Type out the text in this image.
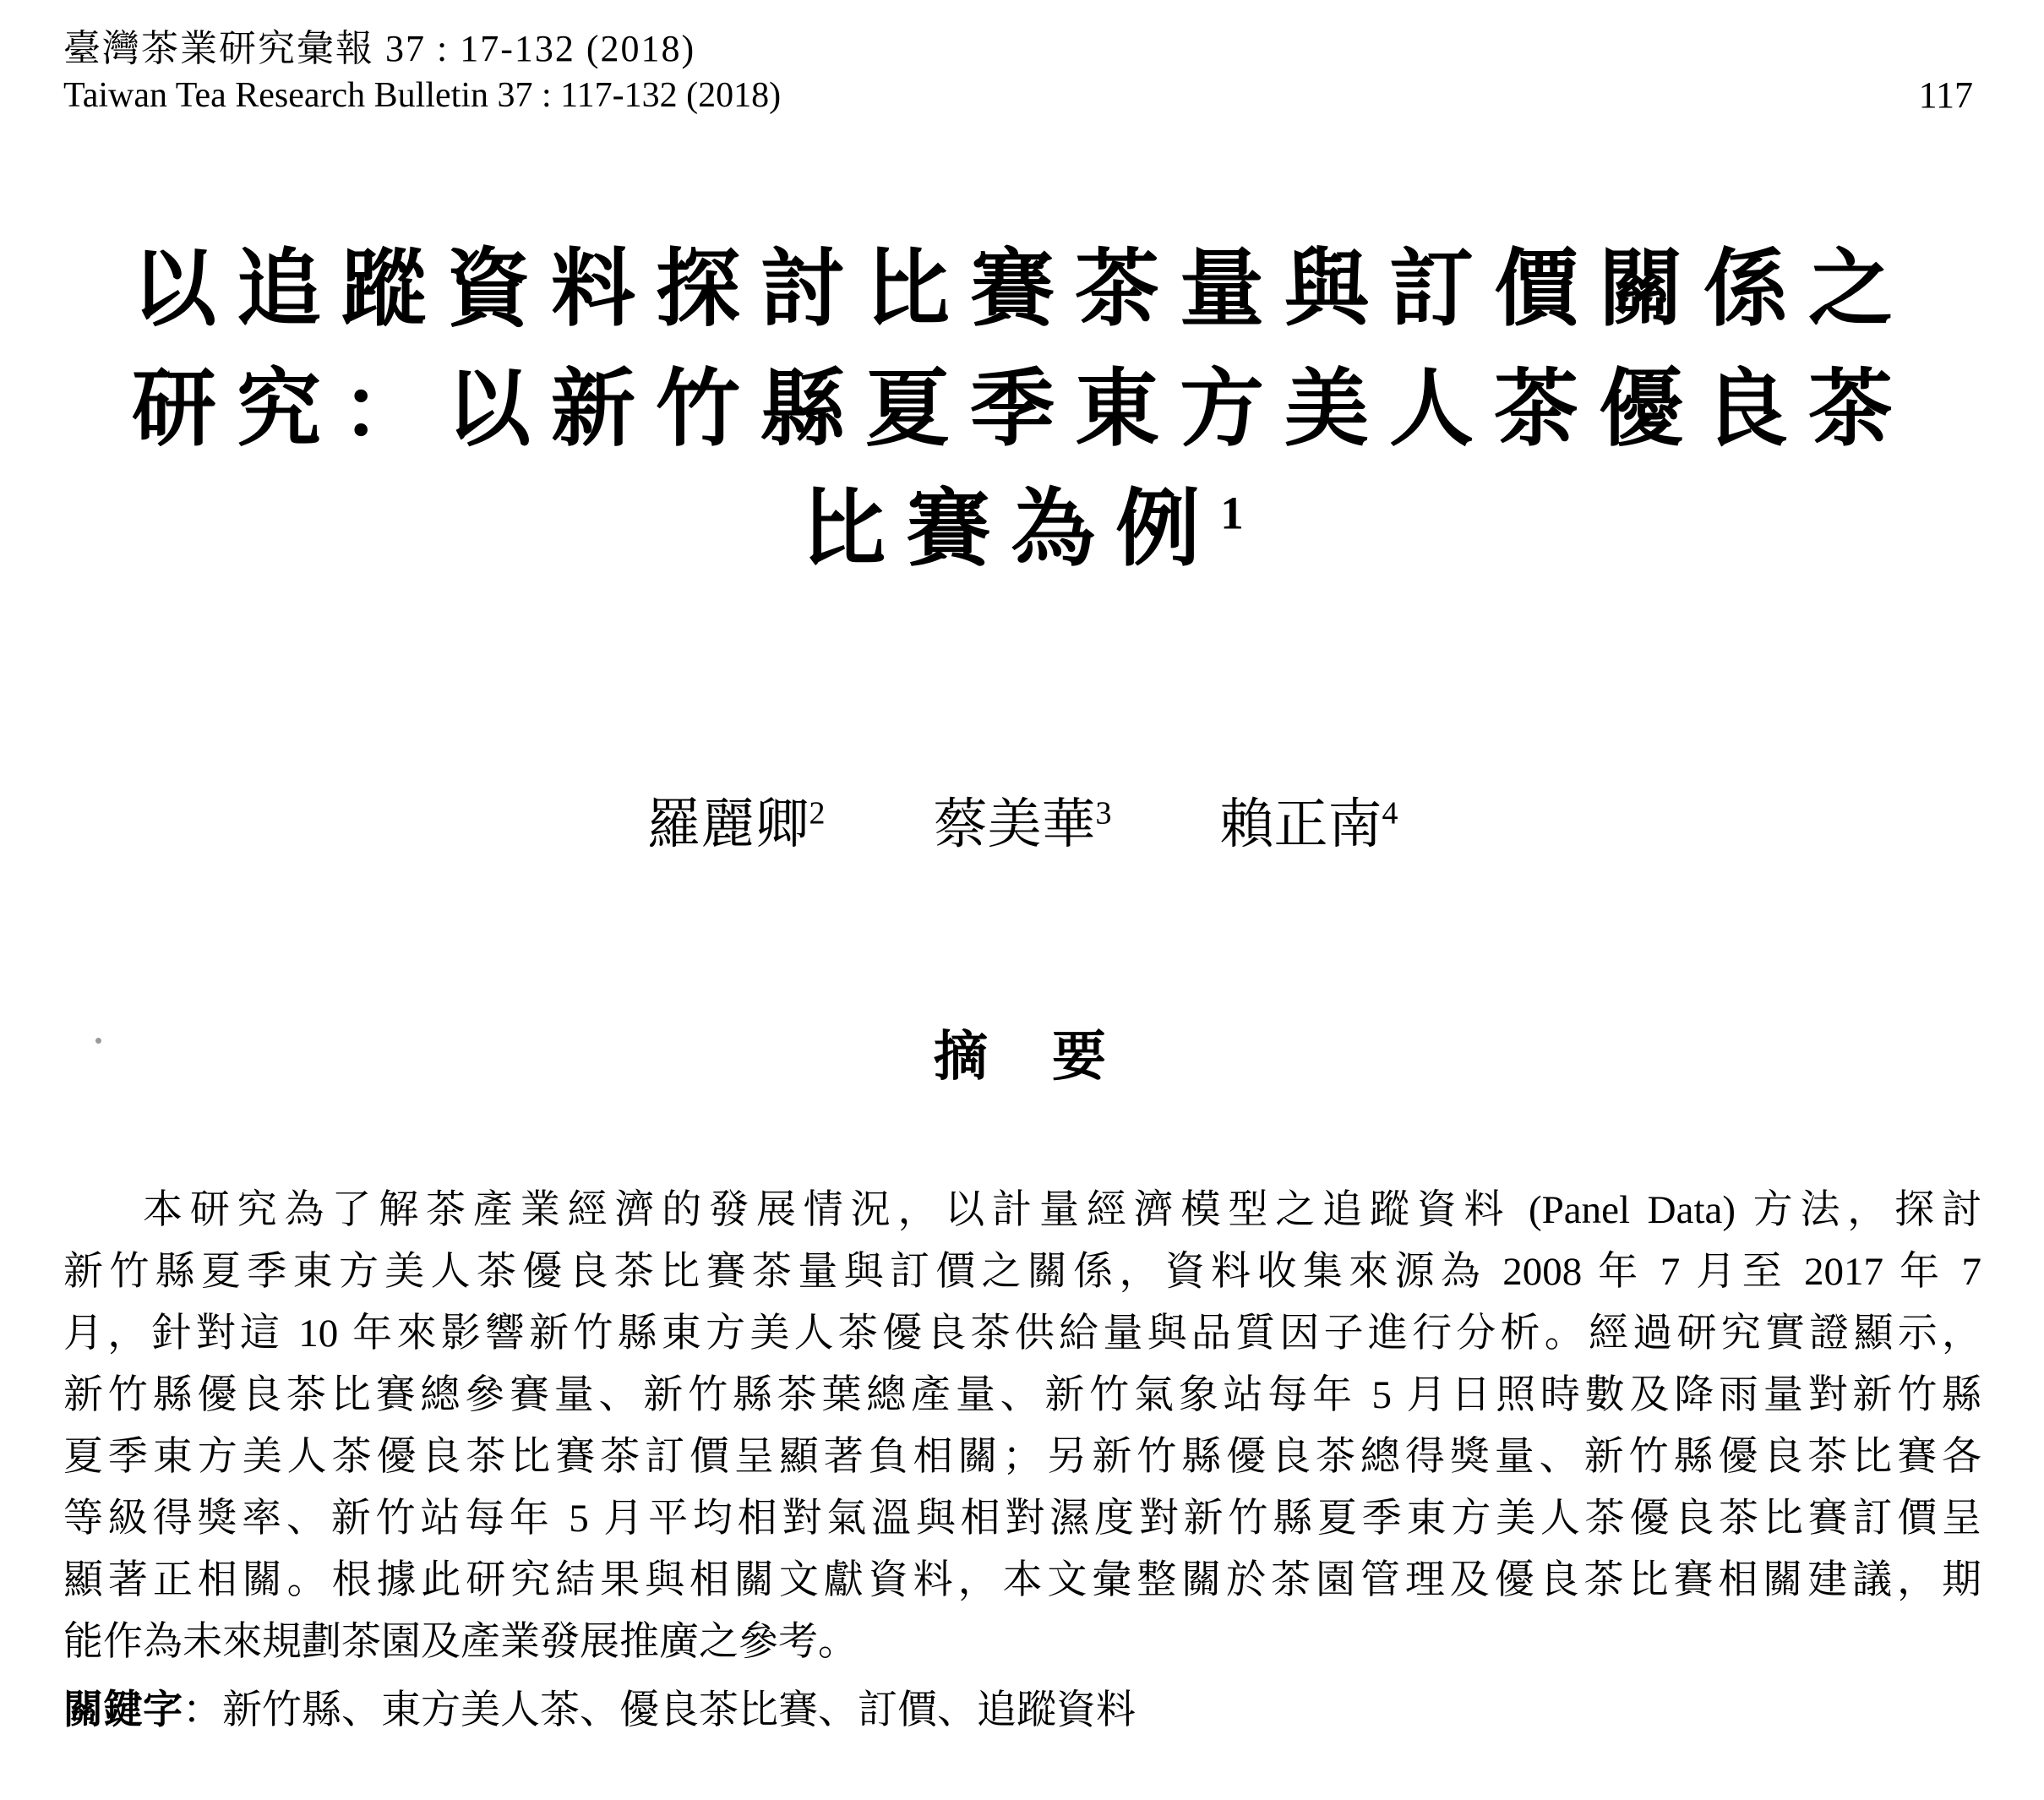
臺灣茶業研究彙報 37 : 17-132 (2018)
Taiwan Tea Research Bulletin 37 : 117-132 (2018)	117
以追蹤資料探討比賽茶量與訂價關係之
研究：以新竹縣夏季東方美人茶優良茶
比賽為例$^1$
羅麗卿$^2$ 蔡美華$^3$ 賴正南$^4$
摘　要
本研究為了解茶產業經濟的發展情況，以計量經濟模型之追蹤資料 (Panel Data) 方法，探討
新竹縣夏季東方美人茶優良茶比賽茶量與訂價之關係，資料收集來源為 2008 年 7 月至 2017 年 7
月，針對這 10 年來影響新竹縣東方美人茶優良茶供給量與品質因子進行分析。經過研究實證顯示，
新竹縣優良茶比賽總參賽量、新竹縣茶葉總產量、新竹氣象站每年 5 月日照時數及降雨量對新竹縣
夏季東方美人茶優良茶比賽茶訂價呈顯著負相關；另新竹縣優良茶總得獎量、新竹縣優良茶比賽各
等級得獎率、新竹站每年 5 月平均相對氣溫與相對濕度對新竹縣夏季東方美人茶優良茶比賽訂價呈
顯著正相關。根據此研究結果與相關文獻資料，本文彙整關於茶園管理及優良茶比賽相關建議，期
能作為未來規劃茶園及產業發展推廣之參考。
關鍵字：新竹縣、東方美人茶、優良茶比賽、訂價、追蹤資料
